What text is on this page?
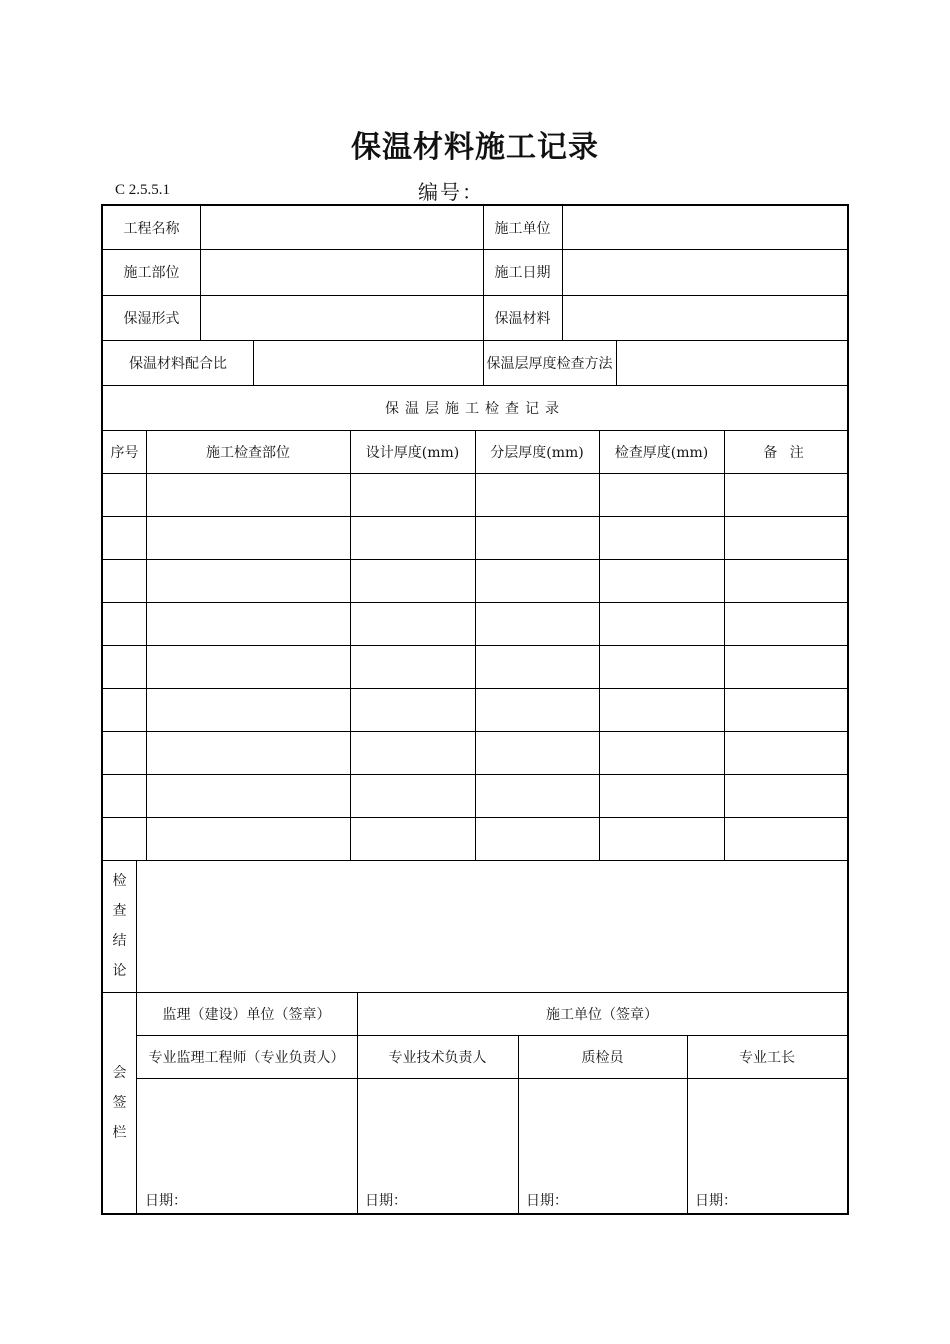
保温材料施工记录
C 2.5.5.1	编号：
工程名称	施工单位
施工部位	施工日期
保湿形式	保温材料
保温材料配合比	保温层厚度检查方法
保温层施工检查记录
序号	施工检查部位	设计厚度(mm)	分层厚度(mm)	检查厚度(mm)	备 注
检
查
结
论
会
签
栏
监理（建设）单位（签章）	施工单位（签章）
专业监理工程师（专业负责人）	专业技术负责人	质检员	专业工长
日期：	日期：	日期：	日期：
